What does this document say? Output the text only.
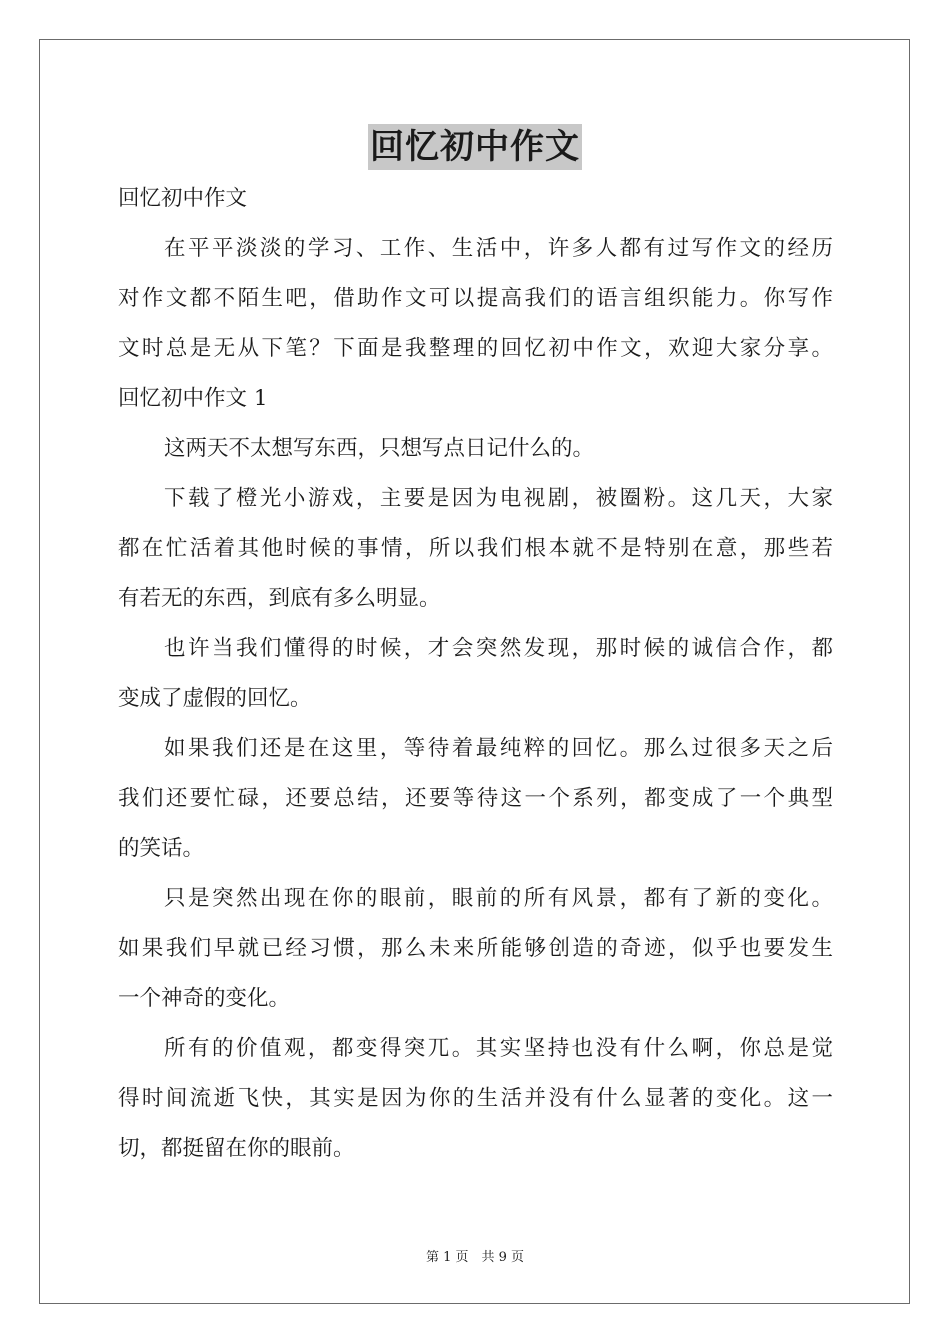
回忆初中作文
回忆初中作文
在平平淡淡的学习、工作、生活中，许多人都有过写作文的经历
对作文都不陌生吧，借助作文可以提高我们的语言组织能力。你写作
文时总是无从下笔？下面是我整理的回忆初中作文，欢迎大家分享。
回忆初中作文 1
这两天不太想写东西，只想写点日记什么的。
下载了橙光小游戏，主要是因为电视剧，被圈粉。这几天，大家
都在忙活着其他时候的事情，所以我们根本就不是特别在意，那些若
有若无的东西，到底有多么明显。
也许当我们懂得的时候，才会突然发现，那时候的诚信合作，都
变成了虚假的回忆。
如果我们还是在这里，等待着最纯粹的回忆。那么过很多天之后
我们还要忙碌，还要总结，还要等待这一个系列，都变成了一个典型
的笑话。
只是突然出现在你的眼前，眼前的所有风景，都有了新的变化。
如果我们早就已经习惯，那么未来所能够创造的奇迹，似乎也要发生
一个神奇的变化。
所有的价值观，都变得突兀。其实坚持也没有什么啊，你总是觉
得时间流逝飞快，其实是因为你的生活并没有什么显著的变化。这一
切，都挺留在你的眼前。
第 1 页　共 9 页
